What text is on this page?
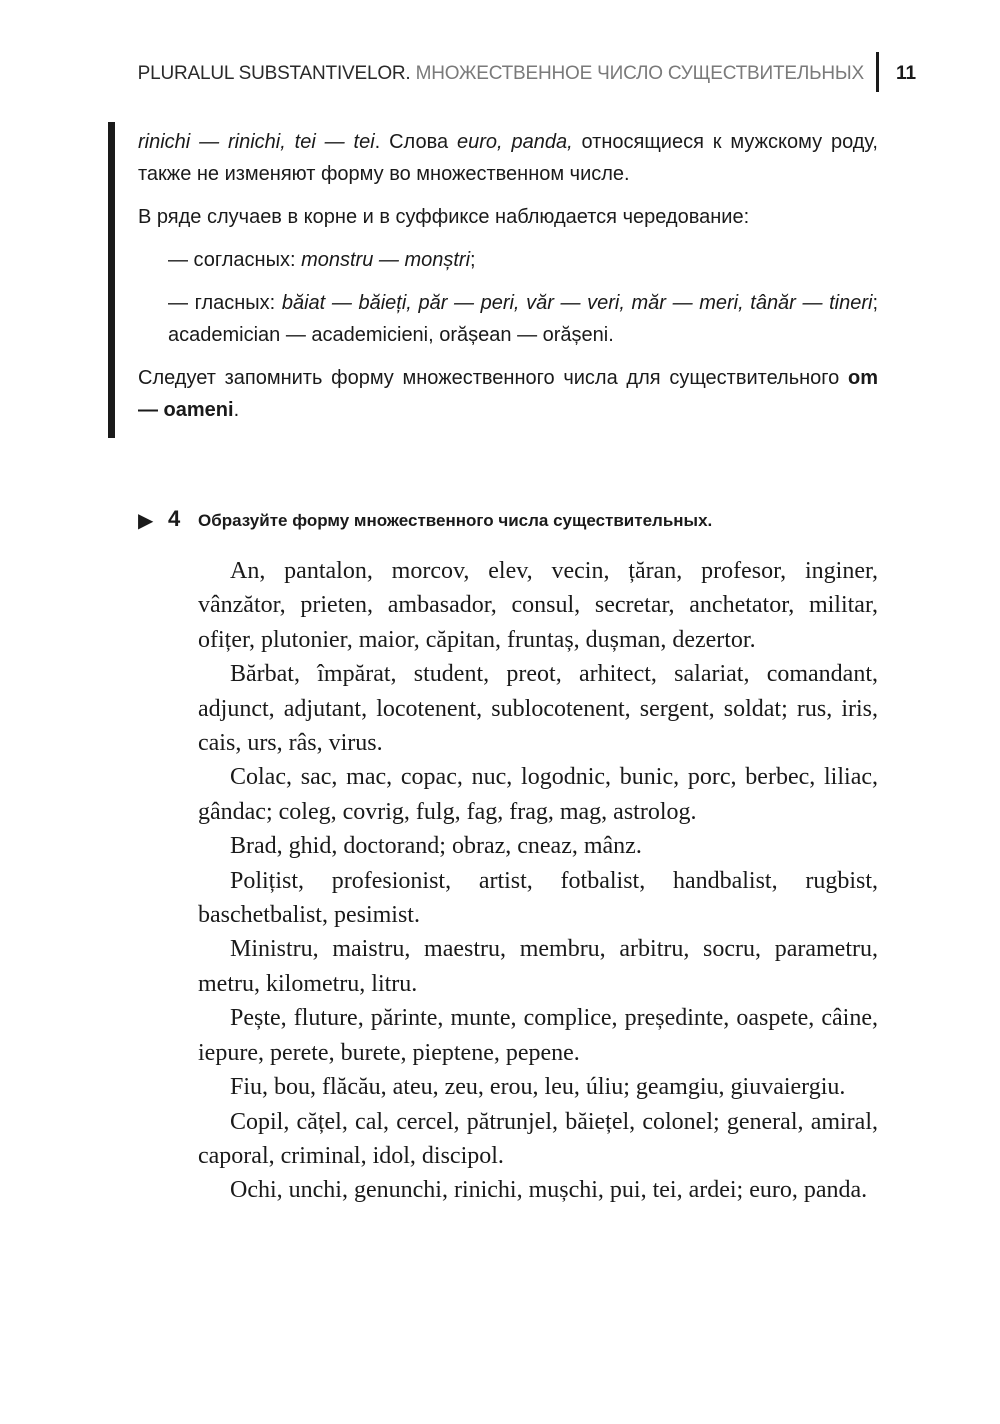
PLURALUL SUBSTANTIVELOR. МНОЖЕСТВЕННОЕ ЧИСЛО СУЩЕСТВИТЕЛЬНЫХ 11

rinichi — rinichi, tei — tei. Слова euro, panda, относящиеся к мужскому роду, также не изменяют форму во множественном числе.

В ряде случаев в корне и в суффиксе наблюдается чередование:

— согласных: monstru — monștri;

— гласных: băiat — băieți, păr — peri, văr — veri, măr — meri, tânăr — tineri; academician — academicieni, orășean — orășeni.

Следует запомнить форму множественного числа для существительного om — oameni.

▶ 4 Образуйте форму множественного числа существительных.

An, pantalon, morcov, elev, vecin, țăran, profesor, inginer, vânzător, prieten, ambasador, consul, secretar, anchetator, militar, ofițer, plutonier, maior, căpitan, fruntaș, dușman, dezertor.

Bărbat, împărat, student, preot, arhitect, salariat, comandant, adjunct, adjutant, locotenent, sublocotenent, sergent, soldat; rus, iris, cais, urs, râs, virus.

Colac, sac, mac, copac, nuc, logodnic, bunic, porc, berbec, liliac, gândac; coleg, covrig, fulg, fag, frag, mag, astrolog.

Brad, ghid, doctorand; obraz, cneaz, mânz.

Polițist, profesionist, artist, fotbalist, handbalist, rugbist, baschetbalist, pesimist.

Ministru, maistru, maestru, membru, arbitru, socru, parametru, metru, kilometru, litru.

Pește, fluture, părinte, munte, complice, președinte, oaspete, câine, iepure, perete, burete, pieptene, pepene.

Fiu, bou, flăcău, ateu, zeu, erou, leu, úliu; geamgiu, giuvaiergiu.

Copil, cățel, cal, cercel, pătrunjel, băiețel, colonel; general, amiral, caporal, criminal, idol, discipol.

Ochi, unchi, genunchi, rinichi, mușchi, pui, tei, ardei; euro, panda.
